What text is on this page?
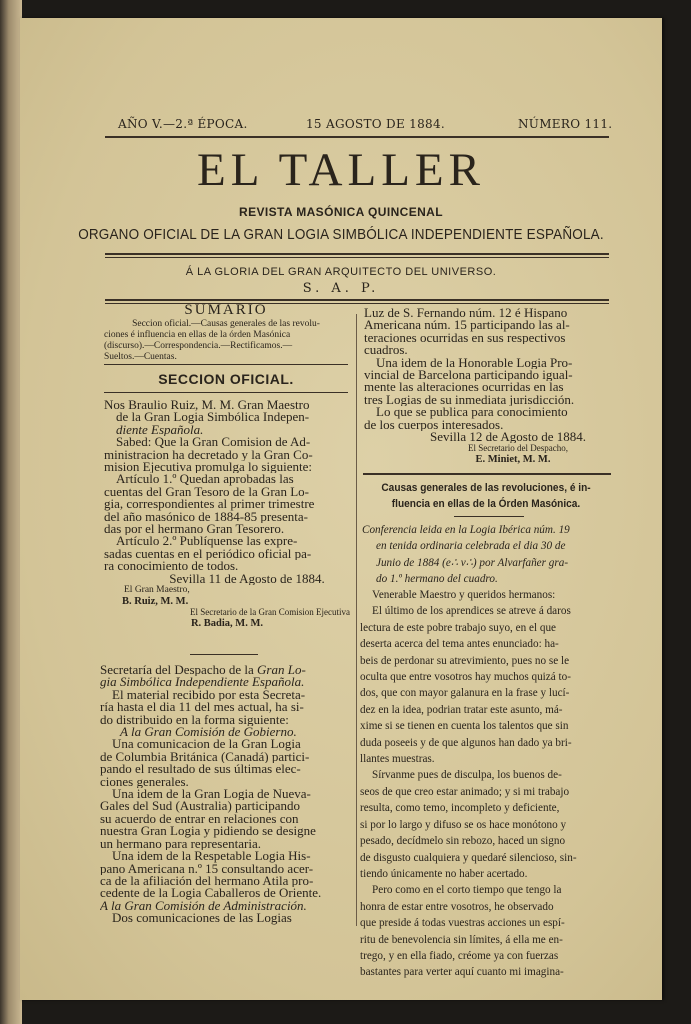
AÑO V.—2.ª ÉPOCA.	15 AGOSTO DE 1884.	NÚMERO 111.
EL TALLER
REVISTA MASÓNICA QUINCENAL
ORGANO OFICIAL DE LA GRAN LOGIA SIMBÓLICA INDEPENDIENTE ESPAÑOLA.
Á LA GLORIA DEL GRAN ARQUITECTO DEL UNIVERSO.
S. A. P.
SUMARIO
Seccion oficial.—Causas generales de las revolu-
ciones é influencia en ellas de la órden Masónica
(discurso).—Correspondencia.—Rectificamos.—
Sueltos.—Cuentas.
SECCION OFICIAL.
Nos Braulio Ruiz, M. M. Gran Maestro
de la Gran Logia Simbólica Indepen-
diente Española.
Sabed: Que la Gran Comision de Ad-
ministracion ha decretado y la Gran Co-
mision Ejecutiva promulga lo siguiente:
Artículo 1.º Quedan aprobadas las
cuentas del Gran Tesoro de la Gran Lo-
gia, correspondientes al primer trimestre
del año masónico de 1884-85 presenta-
das por el hermano Gran Tesorero.
Artículo 2.º Publíquense las expre-
sadas cuentas en el periódico oficial pa-
ra conocimiento de todos.
Sevilla 11 de Agosto de 1884.
El Gran Maestro,
B. Ruiz, M. M.
El Secretario de la Gran Comision Ejecutiva
R. Badia, M. M.
Secretaría del Despacho de la Gran Lo-
gia Simbólica Independiente Española.
El material recibido por esta Secreta-
ría hasta el dia 11 del mes actual, ha si-
do distribuido en la forma siguiente:
A la Gran Comisión de Gobierno.
Una comunicacion de la Gran Logia
de Columbia Británica (Canadá) partici-
pando el resultado de sus últimas elec-
ciones generales.
Una idem de la Gran Logia de Nueva-
Gales del Sud (Australia) participando
su acuerdo de entrar en relaciones con
nuestra Gran Logia y pidiendo se designe
un hermano para representaria.
Una idem de la Respetable Logia His-
pano Americana n.º 15 consultando acer-
ca de la afiliación del hermano Atila pro-
cedente de la Logia Caballeros de Oriente.
A la Gran Comisión de Administración.
Dos comunicaciones de las Logias
Luz de S. Fernando núm. 12 é Hispano
Americana núm. 15 participando las al-
teraciones ocurridas en sus respectivos
cuadros.
Una idem de la Honorable Logia Pro-
vincial de Barcelona participando igual-
mente las alteraciones ocurridas en las
tres Logias de su inmediata jurisdicción.
Lo que se publica para conocimiento
de los cuerpos interesados.
Sevilla 12 de Agosto de 1884.
El Secretario del Despacho,
E. Miniet, M. M.
Causas generales de las revoluciones, é in-
fluencia en ellas de la Órden Masónica.
Conferencia leida en la Logia Ibérica núm. 19
en tenida ordinaria celebrada el dia 30 de
Junio de 1884 (e∴ v∴) por Alvarfañer gra-
do 1.º hermano del cuadro.
Venerable Maestro y queridos hermanos:
El último de los aprendices se atreve á daros
lectura de este pobre trabajo suyo, en el que
deserta acerca del tema antes enunciado: ha-
beis de perdonar su atrevimiento, pues no se le
oculta que entre vosotros hay muchos quizá to-
dos, que con mayor galanura en la frase y lucí-
dez en la idea, podrian tratar este asunto, má-
xime si se tienen en cuenta los talentos que sin
duda poseeis y de que algunos han dado ya bri-
llantes muestras.
Sírvanme pues de disculpa, los buenos de-
seos de que creo estar animado; y si mi trabajo
resulta, como temo, incompleto y deficiente,
si por lo largo y difuso se os hace monótono y
pesado, decídmelo sin rebozo, haced un signo
de disgusto cualquiera y quedaré silencioso, sin-
tiendo únicamente no haber acertado.
Pero como en el corto tiempo que tengo la
honra de estar entre vosotros, he observado
que preside á todas vuestras acciones un espí-
ritu de benevolencia sin límites, á ella me en-
trego, y en ella fiado, créome ya con fuerzas
bastantes para verter aquí cuanto mi imagina-
